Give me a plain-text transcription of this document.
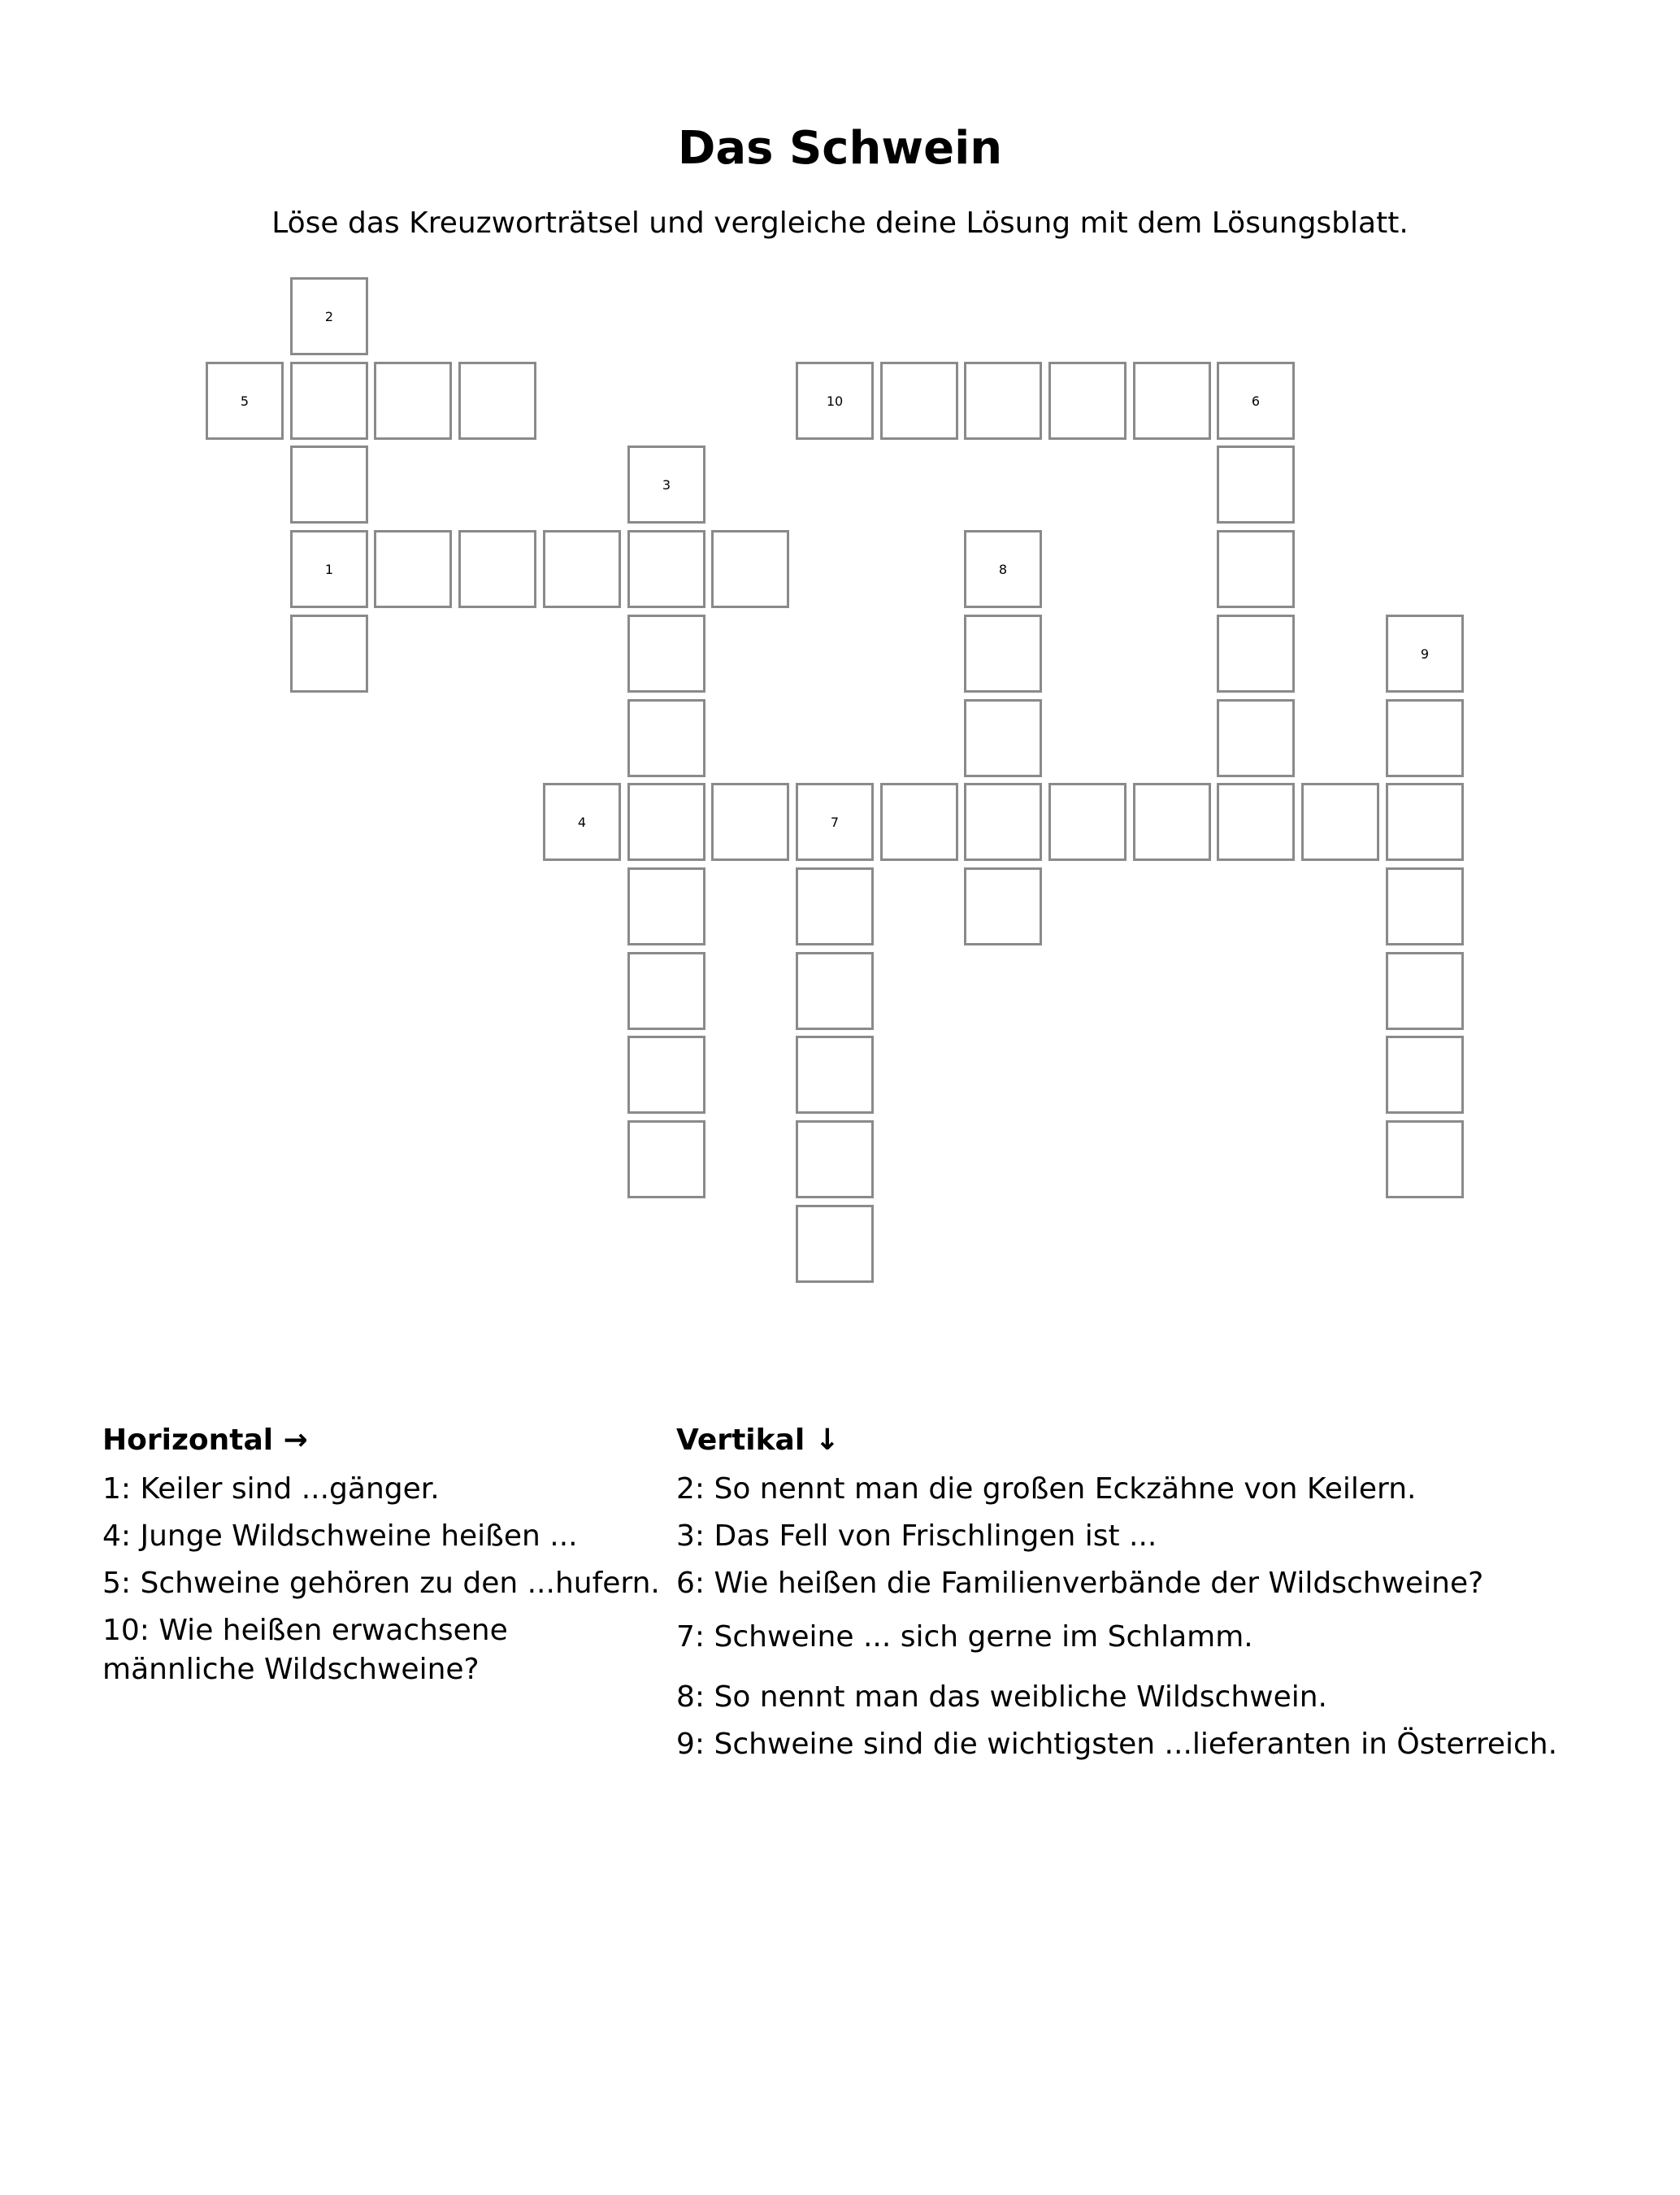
Das Schwein
Löse das Kreuzworträtsel und vergleiche deine Lösung mit dem Lösungsblatt.
2
5	10	6
3
1	8
9
4	7
Horizontal →
1: Keiler sind ...gänger.
4: Junge Wildschweine heißen ...
5: Schweine gehören zu den ...hufern.
10: Wie heißen erwachsene männliche Wildschweine?
Vertikal ↓
2: So nennt man die großen Eckzähne von Keilern.
3: Das Fell von Frischlingen ist ...
6: Wie heißen die Familienverbände der Wildschweine?
7: Schweine ... sich gerne im Schlamm.
8: So nennt man das weibliche Wildschwein.
9: Schweine sind die wichtigsten ...lieferanten in Österreich.
